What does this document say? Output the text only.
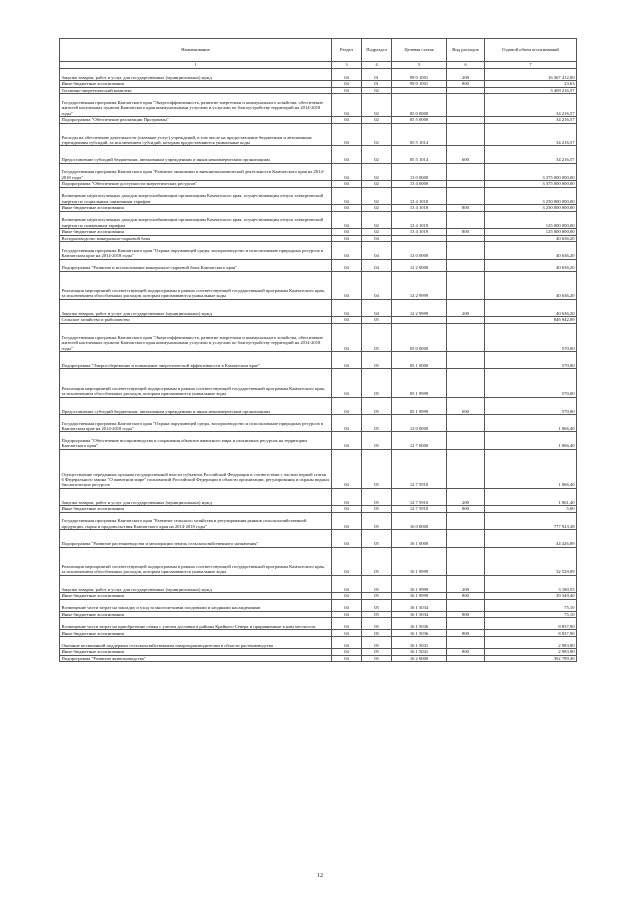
Наименование	Раздел	Подраздел	Целевая статья	Вид расходов	Годовой объем ассигнований
1	3	4	5	6	7
Закупка товаров, работ и услуг для государственных (муниципальных) нужд	04	01	99 0 1001	200	16 367 412,00
Иные бюджетные ассигнования	04	01	99 0 1001	800	23,63
Топливно-энергетический комплекс	04	02			3 409 216,57
Государственная программа Камчатского края "Энергоэффективность, развитие энергетики и коммунального хозяйства, обеспечение жителей населенных пунктов Камчатского края коммунальными услугами и услугами по благоустройству территорий на 2014-2018 годы"	04	02	05 0 0000		34 216,57
Подпрограмма "Обеспечение реализации Программы"	04	02	05 5 0000		34 216,57
Расходы на обеспечение деятельности (оказание услуг) учреждений, в том числе на предоставление бюджетным и автономным учреждениям субсидий, за исключением субсидий, которым предоставляются уникальные коды	04	02	05 5 1014		34 216,57
Предоставление субсидий бюджетным, автономным учреждениям и иным некоммерческим организациям	04	02	05 5 1014	600	34 216,57
Государственная программа Камчатского края "Развитие экономики и внешнеэкономической деятельности Камчатского края на 2014-2018 годы"	04	02	13 0 0000		3 375 000 000,00
Подпрограмма "Обеспечение доступности энергетических ресурсов"	04	02	13 4 0000		3 375 000 000,00
Возмещение недополученных доходов энергоснабжающим организациям Камчатского края, осуществляющим отпуск электрической энергии по социальным сниженным тарифам	04	02	13 4 1018		3 250 000 000,00
Иные бюджетные ассигнования	04	02	13 4 1018	800	3 250 000 000,00
Возмещение недополученных доходов энергоснабжающим организациям Камчатского края, осуществляющим отпуск электрической энергии по сниженным тарифам	04	02	13 4 1019		125 000 000,00
Иные бюджетные ассигнования	04	02	13 4 1019	800	125 000 000,00
Воспроизводство минерально-сырьевой базы	04	04			40 636,20
Государственная программа Камчатского края "Охрана окружающей среды, воспроизводство и использование природных ресурсов в Камчатском крае на 2014-2018 годы"	04	04	12 0 0000		40 636,20
Подпрограмма "Развитие и использование минерально-сырьевой базы Камчатского края"	04	04	12 2 0000		40 636,20
Реализация мероприятий соответствующей подпрограммы в рамках соответствующей государственной программы Камчатского края, за исключением обособленных расходов, которым присваиваются уникальные коды	04	04	12 2 9999		40 636,20
Закупка товаров, работ и услуг для государственных (муниципальных) нужд	04	04	12 2 9999	200	40 636,20
Сельское хозяйство и рыболовство	04	05			846 942,09
Государственная программа Камчатского края "Энергоэффективность, развитие энергетики и коммунального хозяйства, обеспечение жителей населенных пунктов Камчатского края коммунальными услугами и услугами по благоустройству территорий на 2014-2018 годы"	04	05	05 0 0000		570,00
Подпрограмма "Энергосбережение и повышение энергетической эффективности в Камчатском крае"	04	05	05 1 0000		570,00
Реализация мероприятий соответствующей подпрограммы в рамках соответствующей государственной программы Камчатского края, за исключением обособленных расходов, которым присваиваются уникальные коды	04	05	05 1 9999		570,00
Предоставление субсидий бюджетным, автономным учреждениям и иным некоммерческим организациям	04	05	05 1 9999	600	570,00
Государственная программа Камчатского края "Охрана окружающей среды, воспроизводство и использование природных ресурсов в Камчатском крае на 2014-2018 годы"	04	05	12 0 0000		1 066,40
Подпрограмма "Обеспечение воспроизводства и сохранения объектов животного мира и охотничьих ресурсов на территории Камчатского края"	04	05	12 7 0000		1 066,40
Осуществление переданных органам государственной власти субъектов Российской Федерации в соответствии с частью первой статьи 6 Федерального закона "О животном мире" полномочий Российской Федерации в области организации, регулирования и охраны водных биологических ресурсов	04	05	12 7 5910		1 066,40
Закупка товаров, работ и услуг для государственных (муниципальных) нужд	04	05	12 7 5910	200	1 061,40
Иные бюджетные ассигнования	04	05	12 7 5910	800	5,00
Государственная программа Камчатского края "Развитие сельского хозяйства и регулирования рынков сельскохозяйственной продукции, сырья и продовольствия Камчатского края на 2014-2018 годы"	04	05	16 0 0000		777 923,38
Подпрограмма "Развитие растениеводства и мелиорации земель сельскохозяйственного назначения"	04	05	16 1 0000		44 426,89
Реализация мероприятий соответствующей подпрограммы в рамках соответствующей государственной программы Камчатского края, за исключением обособленных расходов, которым присваиваются уникальные коды	04	05	16 1 9999		32 529,09
Закупка товаров, работ и услуг для государственных (муниципальных) нужд	04	05	16 1 9999	200	3 180,55
Иные бюджетные ассигнования	04	05	16 1 9999	800	29 349,40
Возмещение части затрат на закладку и уход за многолетними плодовыми и ягодными насаждениями	04	05	16 1 5034		75,10
Иные бюджетные ассигнования	04	05	16 1 5034	800	75,10
Возмещение части затрат на приобретение семян с учетом доставки в районы Крайнего Севера и приравненные к ним местности	04	05	16 1 5036		8 837,90
Иные бюджетные ассигнования	04	05	16 1 5036	800	8 837,90
Оказание несвязанной поддержки сельскохозяйственным товаропроизводителям в области растениеводства	04	05	16 1 5041		2 983,90
Иные бюджетные ассигнования	04	05	16 1 5041	800	2 983,90
Подпрограмма "Развитие животноводства"	04	05	16 2 0000		392 789,30
12
